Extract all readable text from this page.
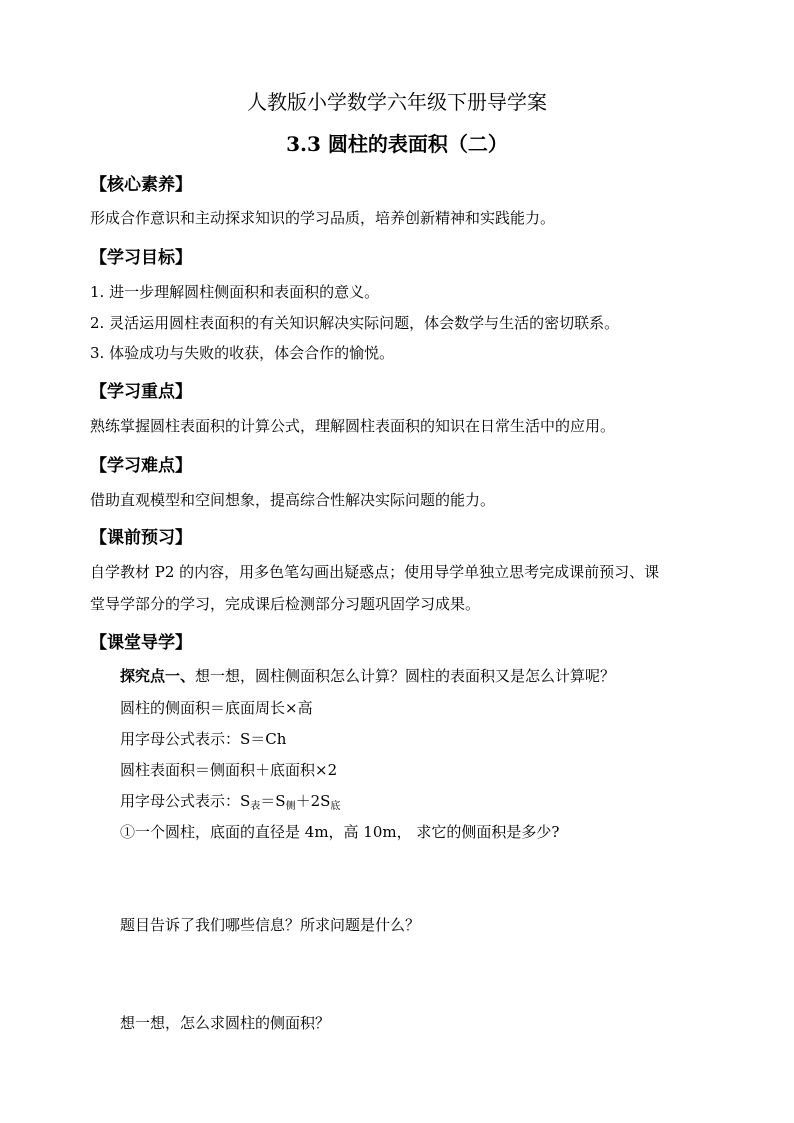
人教版小学数学六年级下册导学案
3.3 圆柱的表面积（二）
【核心素养】
形成合作意识和主动探求知识的学习品质，培养创新精神和实践能力。
【学习目标】
1. 进一步理解圆柱侧面积和表面积的意义。
2. 灵活运用圆柱表面积的有关知识解决实际问题，体会数学与生活的密切联系。
3. 体验成功与失败的收获，体会合作的愉悦。
【学习重点】
熟练掌握圆柱表面积的计算公式，理解圆柱表面积的知识在日常生活中的应用。
【学习难点】
借助直观模型和空间想象，提高综合性解决实际问题的能力。
【课前预习】
自学教材 P2 的内容，用多色笔勾画出疑惑点；使用导学单独立思考完成课前预习、课
堂导学部分的学习，完成课后检测部分习题巩固学习成果。
【课堂导学】
探究点一、想一想，圆柱侧面积怎么计算？圆柱的表面积又是怎么计算呢？
圆柱的侧面积＝底面周长×高
用字母公式表示：S＝Ch
圆柱表面积＝侧面积＋底面积×2
用字母公式表示：$S_表=S_侧+2S_底$
①一个圆柱，底面的直径是 4m，高 10m， 求它的侧面积是多少?
题目告诉了我们哪些信息？所求问题是什么？
想一想，怎么求圆柱的侧面积？
